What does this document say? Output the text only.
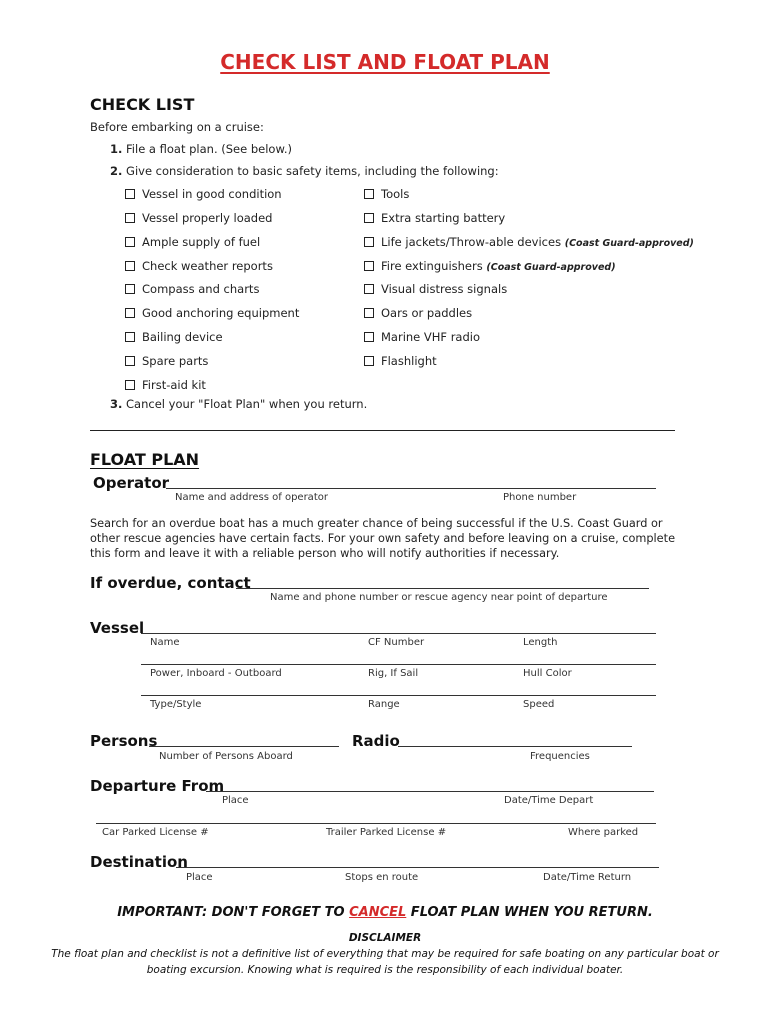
CHECK LIST AND FLOAT PLAN
CHECK LIST
Before embarking on a cruise:
1. File a float plan. (See below.)
2. Give consideration to basic safety items, including the following:
Vessel in good condition
Vessel properly loaded
Ample supply of fuel
Check weather reports
Compass and charts
Good anchoring equipment
Bailing device
Spare parts
First-aid kit
Tools
Extra starting battery
Life jackets/Throw-able devices (Coast Guard-approved)
Fire extinguishers (Coast Guard-approved)
Visual distress signals
Oars or paddles
Marine VHF radio
Flashlight
3. Cancel your "Float Plan" when you return.
FLOAT PLAN
Operator
Name and address of operator	Phone number
Search for an overdue boat has a much greater chance of being successful if the U.S. Coast Guard or other rescue agencies have certain facts. For your own safety and before leaving on a cruise, complete this form and leave it with a reliable person who will notify authorities if necessary.
If overdue, contact
Name and phone number or rescue agency near point of departure
Vessel
Name	CF Number	Length
Power, Inboard - Outboard	Rig, If Sail	Hull Color
Type/Style	Range	Speed
Persons
Number of Persons Aboard
Radio
Frequencies
Departure From
Place	Date/Time Depart
Car Parked License #	Trailer Parked License #	Where parked
Destination
Place	Stops en route	Date/Time Return
IMPORTANT: DON'T FORGET TO CANCEL FLOAT PLAN WHEN YOU RETURN.
DISCLAIMER
The float plan and checklist is not a definitive list of everything that may be required for safe boating on any particular boat or
boating excursion. Knowing what is required is the responsibility of each individual boater.
